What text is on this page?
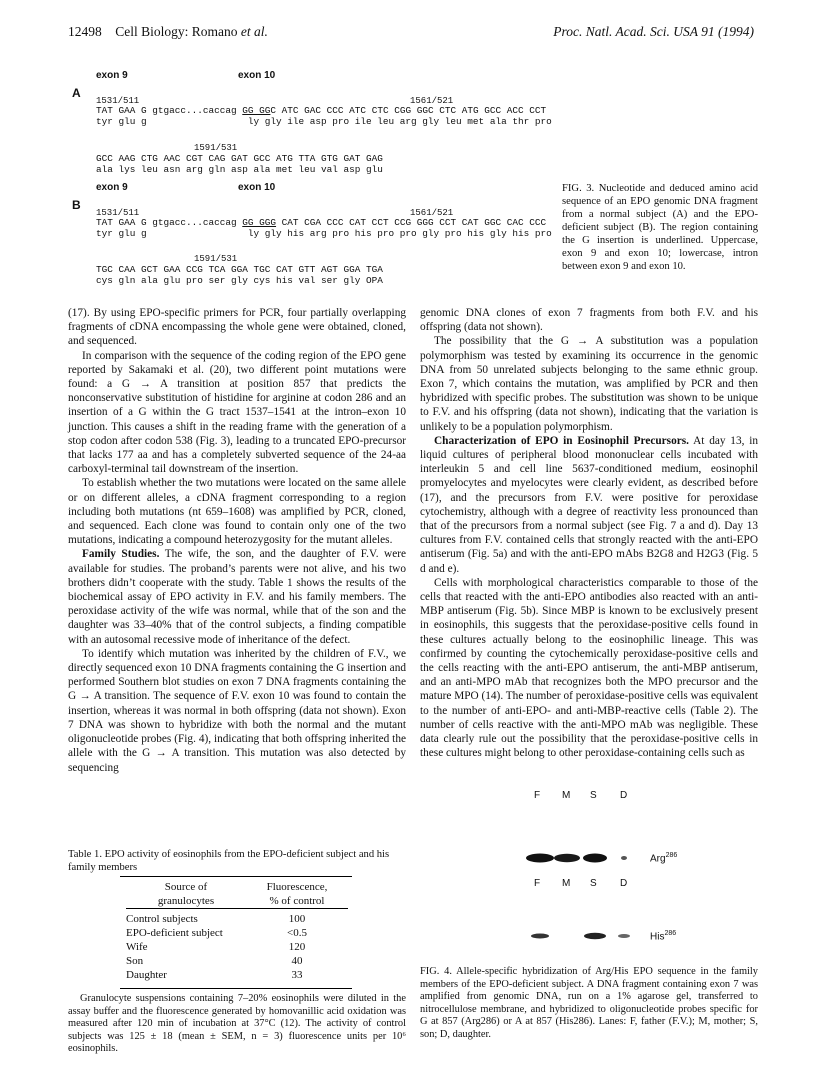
12498 Cell Biology: Romano et al.	Proc. Natl. Acad. Sci. USA 91 (1994)
A
exon 9	exon 10
1531/511	1561/521
TAT GAA G gtgacc...caccag GG GGC ATC GAC CCC ATC CTC CGG GGC CTC ATG GCC ACC CCT
tyr glu g                  ly gly ile asp pro ile leu arg gly leu met ala thr pro
1591/531
GCC AAG CTG AAC CGT CAG GAT GCC ATG TTA GTG GAT GAG
ala lys leu asn arg gln asp ala met leu val asp glu
B
exon 9	exon 10
1531/511	1561/521
TAT GAA G gtgacc...caccag GG GGG CAT CGA CCC CAT CCT CCG GGG CCT CAT GGC CAC CCC
tyr glu g                  ly gly his arg pro his pro pro gly pro his gly his pro
1591/531
TGC CAA GCT GAA CCG TCA GGA TGC CAT GTT AGT GGA TGA
cys gln ala glu pro ser gly cys his val ser gly OPA
FIG. 3. Nucleotide and deduced amino acid sequence of an EPO genomic DNA fragment from a normal subject (A) and the EPO-deficient subject (B). The region containing the G insertion is underlined. Uppercase, exon 9 and exon 10; lowercase, intron between exon 9 and exon 10.

(17). By using EPO-specific primers for PCR, four partially overlapping fragments of cDNA encompassing the whole gene were obtained, cloned, and sequenced.

In comparison with the sequence of the coding region of the EPO gene reported by Sakamaki et al. (20), two different point mutations were found: a G → A transition at position 857 that predicts the nonconservative substitution of histidine for arginine at codon 286 and an insertion of a G within the G tract 1537–1541 at the intron–exon 10 junction. This causes a shift in the reading frame with the generation of a stop codon after codon 538 (Fig. 3), leading to a truncated EPO-precursor that lacks 177 aa and has a completely subverted sequence of the 24-aa carboxyl-terminal tail downstream of the insertion.

To establish whether the two mutations were located on the same allele or on different alleles, a cDNA fragment corresponding to a region including both mutations (nt 659–1608) was amplified by PCR, cloned, and sequenced. Each clone was found to contain only one of the two mutations, indicating a compound heterozygosity for the mutant alleles.

Family Studies. The wife, the son, and the daughter of F.V. were available for studies. The proband’s parents were not alive, and his two brothers didn’t cooperate with the study. Table 1 shows the results of the biochemical assay of EPO activity in F.V. and his family members. The peroxidase activity of the wife was normal, while that of the son and the daughter was 33–40% that of the control subjects, a finding compatible with an autosomal recessive mode of inheritance of the defect.

To identify which mutation was inherited by the children of F.V., we directly sequenced exon 10 DNA fragments containing the G insertion and performed Southern blot studies on exon 7 DNA fragments containing the G → A transition. The sequence of F.V. exon 10 was found to contain the insertion, whereas it was normal in both offspring (data not shown). Exon 7 DNA was shown to hybridize with both the normal and the mutant oligonucleotide probes (Fig. 4), indicating that both offspring inherited the allele with the G → A transition. This mutation was also detected by sequencing

Table 1. EPO activity of eosinophils from the EPO-deficient subject and his family members
Source of
granulocytes	Fluorescence,
% of control

Control subjects	100
EPO-deficient subject	<0.5
Wife	120
Son	40
Daughter	33
Granulocyte suspensions containing 7–20% eosinophils were diluted in the assay buffer and the fluorescence generated by homovanillic acid oxidation was measured after 120 min of incubation at 37°C (12). The activity of control subjects was 125 ± 18 (mean ± SEM, n = 3) fluorescence units per 10⁶ eosinophils.

genomic DNA clones of exon 7 fragments from both F.V. and his offspring (data not shown).

The possibility that the G → A substitution was a population polymorphism was tested by examining its occurrence in the genomic DNA from 50 unrelated subjects belonging to the same ethnic group. Exon 7, which contains the mutation, was amplified by PCR and then hybridized with specific probes. The substitution was shown to be unique to F.V. and his offspring (data not shown), indicating that the variation is unlikely to be a population polymorphism.

Characterization of EPO in Eosinophil Precursors. At day 13, in liquid cultures of peripheral blood mononuclear cells incubated with interleukin 5 and cell line 5637-conditioned medium, eosinophil promyelocytes and myelocytes were clearly evident, as described before (17), and the precursors from F.V. were positive for peroxidase cytochemistry, although with a degree of reactivity less pronounced than that of the precursors from a normal subject (see Fig. 7 a and d). Day 13 cultures from F.V. contained cells that strongly reacted with the anti-EPO antiserum (Fig. 5a) and with the anti-EPO mAbs B2G8 and H2G3 (Fig. 5 d and e).

Cells with morphological characteristics comparable to those of the cells that reacted with the anti-EPO antibodies also reacted with an anti-MBP antiserum (Fig. 5b). Since MBP is known to be exclusively present in eosinophils, this suggests that the peroxidase-positive cells found in these cultures actually belong to the eosinophilic lineage. This was confirmed by counting the cytochemically peroxidase-positive cells and the cells reacting with the anti-EPO antiserum, the anti-MBP antiserum, and an anti-MPO mAb that recognizes both the MPO precursor and the mature MPO (14). The number of peroxidase-positive cells was equivalent to the number of anti-EPO- and anti-MBP-reactive cells (Table 2). The number of cells reactive with the anti-MPO mAb was negligible. These data clearly rule out the possibility that the peroxidase-positive cells in these cultures might belong to other peroxidase-containing cells such as

F M S D
F M S D
Arg$^{286}$
His$^{286}$
FIG. 4. Allele-specific hybridization of Arg/His EPO sequence in the family members of the EPO-deficient subject. A DNA fragment containing exon 7 was amplified from genomic DNA, run on a 1% agarose gel, transferred to nitrocellulose membrane, and hybridized to oligonucleotide probes specific for G at 857 (Arg286) or A at 857 (His286). Lanes: F, father (F.V.); M, mother; S, son; D, daughter.
